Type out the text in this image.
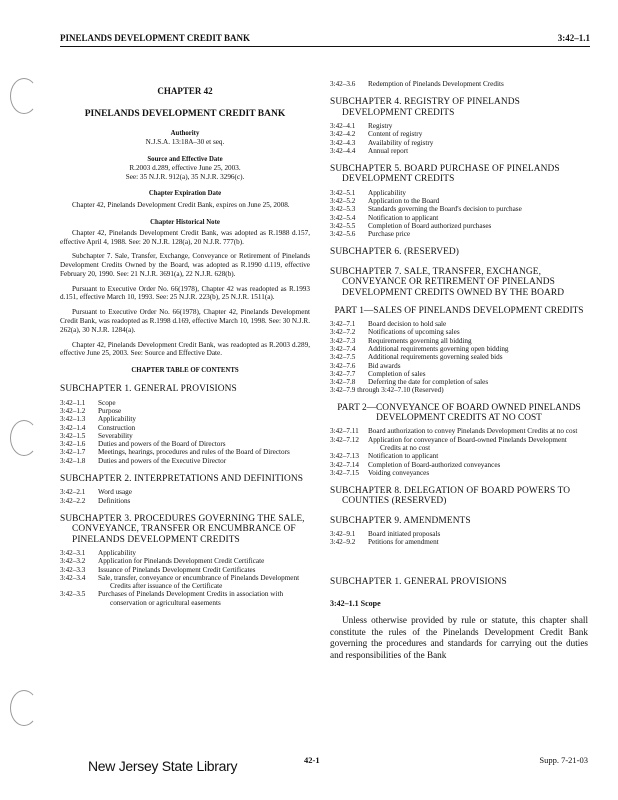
PINELANDS DEVELOPMENT CREDIT BANK	3:42–1.1
CHAPTER 42
PINELANDS DEVELOPMENT CREDIT BANK
Authority
N.J.S.A. 13:18A–30 et seq.
Source and Effective Date
R.2003 d.289, effective June 25, 2003.
See: 35 N.J.R. 912(a), 35 N.J.R. 3296(c).
Chapter Expiration Date
Chapter 42, Pinelands Development Credit Bank, expires on June 25, 2008.
Chapter Historical Note
Chapter 42, Pinelands Development Credit Bank, was adopted as R.1988 d.157, effective April 4, 1988. See: 20 N.J.R. 128(a), 20 N.J.R. 777(b).
Subchapter 7. Sale, Transfer, Exchange, Conveyance or Retirement of Pinelands Development Credits Owned by the Board, was adopted as R.1990 d.119, effective February 20, 1990. See: 21 N.J.R. 3691(a), 22 N.J.R. 628(b).
Pursuant to Executive Order No. 66(1978), Chapter 42 was readopted as R.1993 d.151, effective March 10, 1993. See: 25 N.J.R. 223(b), 25 N.J.R. 1511(a).
Pursuant to Executive Order No. 66(1978), Chapter 42, Pinelands Development Credit Bank, was readopted as R.1998 d.169, effective March 10, 1998. See: 30 N.J.R. 262(a), 30 N.J.R. 1284(a).
Chapter 42, Pinelands Development Credit Bank, was readopted as R.2003 d.289, effective June 25, 2003. See: Source and Effective Date.
CHAPTER TABLE OF CONTENTS
SUBCHAPTER 1. GENERAL PROVISIONS
3:42–1.1	Scope
3:42–1.2	Purpose
3:42–1.3	Applicability
3:42–1.4	Construction
3:42–1.5	Severability
3:42–1.6	Duties and powers of the Board of Directors
3:42–1.7	Meetings, hearings, procedures and rules of the Board of Directors
3:42–1.8	Duties and powers of the Executive Director
SUBCHAPTER 2. INTERPRETATIONS AND DEFINITIONS
3:42–2.1	Word usage
3:42–2.2	Definitions
SUBCHAPTER 3. PROCEDURES GOVERNING THE SALE, CONVEYANCE, TRANSFER OR ENCUMBRANCE OF PINELANDS DEVELOPMENT CREDITS
3:42–3.1	Applicability
3:42–3.2	Application for Pinelands Development Credit Certificate
3:42–3.3	Issuance of Pinelands Development Credit Certificates
3:42–3.4	Sale, transfer, conveyance or encumbrance of Pinelands Development Credits after issuance of the Certificate
3:42–3.5	Purchases of Pinelands Development Credits in association with conservation or agricultural easements
3:42–3.6	Redemption of Pinelands Development Credits
SUBCHAPTER 4. REGISTRY OF PINELANDS DEVELOPMENT CREDITS
3:42–4.1	Registry
3:42–4.2	Content of registry
3:42–4.3	Availability of registry
3:42–4.4	Annual report
SUBCHAPTER 5. BOARD PURCHASE OF PINELANDS DEVELOPMENT CREDITS
3:42–5.1	Applicability
3:42–5.2	Application to the Board
3:42–5.3	Standards governing the Board's decision to purchase
3:42–5.4	Notification to applicant
3:42–5.5	Completion of Board authorized purchases
3:42–5.6	Purchase price
SUBCHAPTER 6. (RESERVED)
SUBCHAPTER 7. SALE, TRANSFER, EXCHANGE, CONVEYANCE OR RETIREMENT OF PINELANDS DEVELOPMENT CREDITS OWNED BY THE BOARD
PART 1—SALES OF PINELANDS DEVELOPMENT CREDITS
3:42–7.1	Board decision to hold sale
3:42–7.2	Notifications of upcoming sales
3:42–7.3	Requirements governing all bidding
3:42–7.4	Additional requirements governing open bidding
3:42–7.5	Additional requirements governing sealed bids
3:42–7.6	Bid awards
3:42–7.7	Completion of sales
3:42–7.8	Deferring the date for completion of sales
3:42–7.9 through 3:42–7.10 (Reserved)
PART 2—CONVEYANCE OF BOARD OWNED PINELANDS DEVELOPMENT CREDITS AT NO COST
3:42–7.11	Board authorization to convey Pinelands Development Credits at no cost
3:42–7.12	Application for conveyance of Board-owned Pinelands Development Credits at no cost
3:42–7.13	Notification to applicant
3:42–7.14	Completion of Board-authorized conveyances
3:42–7.15	Voiding conveyances
SUBCHAPTER 8. DELEGATION OF BOARD POWERS TO COUNTIES (RESERVED)
SUBCHAPTER 9. AMENDMENTS
3:42–9.1	Board initiated proposals
3:42–9.2	Petitions for amendment
SUBCHAPTER 1. GENERAL PROVISIONS
3:42–1.1 Scope
Unless otherwise provided by rule or statute, this chapter shall constitute the rules of the Pinelands Development Credit Bank governing the procedures and standards for carrying out the duties and responsibilities of the Bank
New Jersey State Library	42-1	Supp. 7-21-03
